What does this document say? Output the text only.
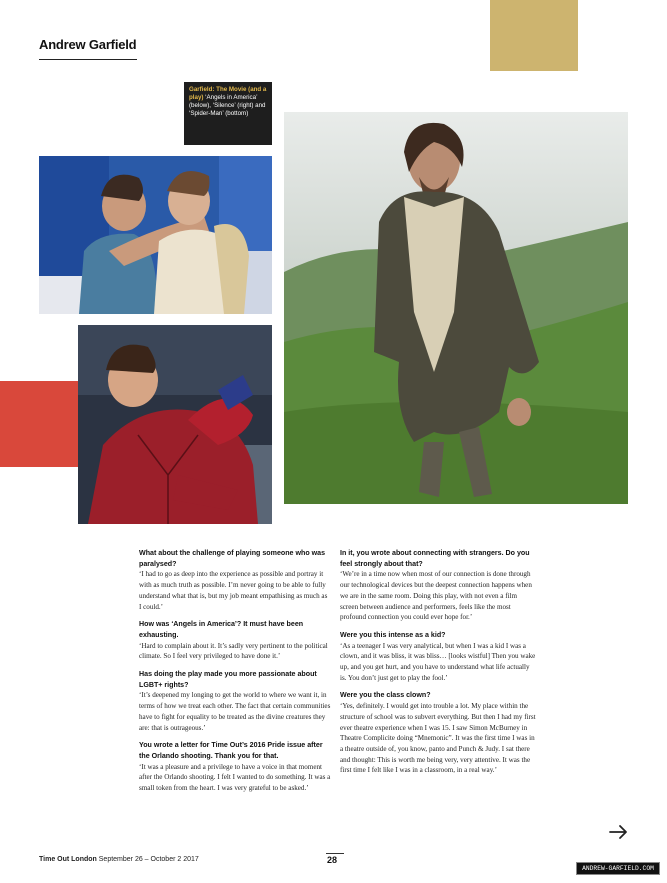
Andrew Garfield
Garfield: The Movie (and a play) ‘Angels in America’ (below), ‘Silence’ (right) and ‘Spider-Man’ (bottom)
What about the challenge of playing someone who was paralysed?
‘I had to go as deep into the experience as possible and portray it with as much truth as possible. I’m never going to be able to fully understand what that is, but my job meant empathising as much as I could.’
How was ‘Angels in America’? It must have been exhausting.
‘Hard to complain about it. It’s sadly very pertinent to the political climate. So I feel very privileged to have done it.’
Has doing the play made you more passionate about LGBT+ rights?
‘It’s deepened my longing to get the world to where we want it, in terms of how we treat each other. The fact that certain communities have to fight for equality to be treated as the divine creatures they are: that is outrageous.’
You wrote a letter for Time Out’s 2016 Pride issue after the Orlando shooting. Thank you for that.
‘It was a pleasure and a privilege to have a voice in that moment after the Orlando shooting. I felt I wanted to do something. It was a small token from the heart. I was very grateful to be asked.’
In it, you wrote about connecting with strangers. Do you feel strongly about that?
‘We’re in a time now when most of our connection is done through our technological devices but the deepest connection happens when we are in the same room. Doing this play, with not even a film screen between audience and performers, feels like the most profound connection you could ever hope for.’
Were you this intense as a kid?
‘As a teenager I was very analytical, but when I was a kid I was a clown, and it was bliss, it was bliss… [looks wistful] Then you wake up, and you get hurt, and you have to understand what life actually is. You don’t just get to play the fool.’
Were you the class clown?
‘Yes, definitely. I would get into trouble a lot. My place within the structure of school was to subvert everything. But then I had my first ever theatre experience when I was 15. I saw Simon McBurney in Theatre Complicite doing “Mnemonic”. It was the first time I was in a theatre outside of, you know, panto and Punch & Judy. I sat there and thought: This is worth me being very, very attentive. It was the first time I felt like I was in a classroom, in a real way.’
Time Out London September 26 – October 2 2017	28
ANDREW-GARFIELD.COM
